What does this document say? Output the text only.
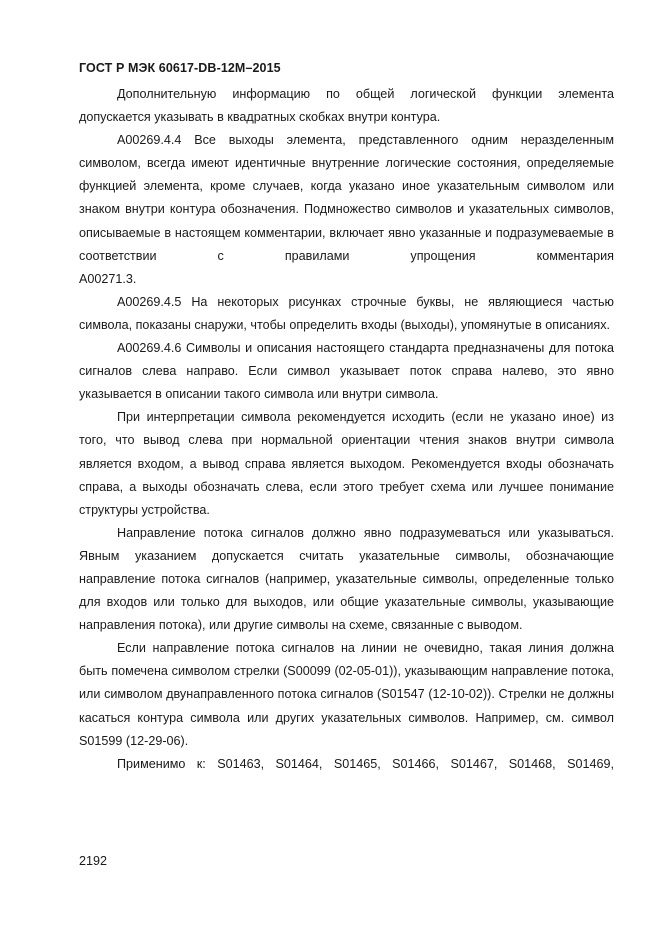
ГОСТ Р МЭК 60617-DB-12M–2015

Дополнительную информацию по общей логической функции элемента допускается указывать в квадратных скобках внутри контура.

A00269.4.4 Все выходы элемента, представленного одним неразделенным символом, всегда имеют идентичные внутренние логические состояния, определяемые функцией элемента, кроме случаев, когда указано иное указательным символом или знаком внутри контура обозначения. Подмножество символов и указательных символов, описываемые в настоящем комментарии, включает явно указанные и подразумеваемые в соответствии с правилами упрощения комментария

A00271.3.

A00269.4.5 На некоторых рисунках строчные буквы, не являющиеся частью символа, показаны снаружи, чтобы определить входы (выходы), упомянутые в описаниях.

A00269.4.6 Символы и описания настоящего стандарта предназначены для потока сигналов слева направо. Если символ указывает поток справа налево, это явно указывается в описании такого символа или внутри символа.

При интерпретации символа рекомендуется исходить (если не указано иное) из того, что вывод слева при нормальной ориентации чтения знаков внутри символа является входом, а вывод справа является выходом. Рекомендуется входы обозначать справа, а выходы обозначать слева, если этого требует схема или лучшее понимание структуры устройства.

Направление потока сигналов должно явно подразумеваться или указываться. Явным указанием допускается считать указательные символы, обозначающие направление потока сигналов (например, указательные символы, определенные только для входов или только для выходов, или общие указательные символы, указывающие направления потока), или другие символы на схеме, связанные с выводом.

Если направление потока сигналов на линии не очевидно, такая линия должна быть помечена символом стрелки (S00099 (02-05-01)), указывающим направление потока, или символом двунаправленного потока сигналов (S01547 (12-10-02)). Стрелки не должны касаться контура символа или других указательных символов. Например, см. символ S01599 (12-29-06).

Применимо к: S01463, S01464, S01465, S01466, S01467, S01468, S01469,

2192
